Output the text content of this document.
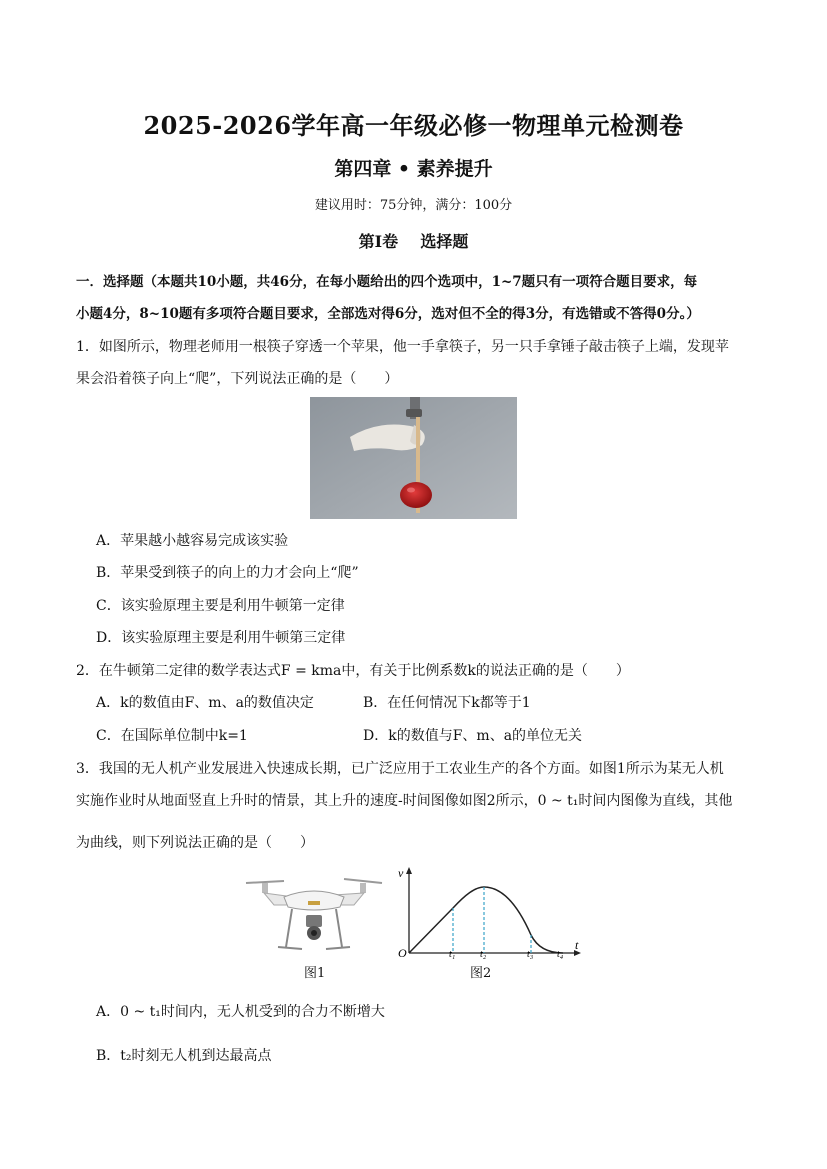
2025-2026学年高一年级必修一物理单元检测卷
第四章 • 素养提升
建议用时：75分钟，满分：100分
第I卷    选择题
一．选择题（本题共10小题，共46分，在每小题给出的四个选项中，1~7题只有一项符合题目要求，每
小题4分，8~10题有多项符合题目要求，全部选对得6分，选对但不全的得3分，有选错或不答得0分。）
1．如图所示，物理老师用一根筷子穿透一个苹果，他一手拿筷子，另一只手拿锤子敲击筷子上端，发现苹
果会沿着筷子向上“爬”，下列说法正确的是（　　）
A．苹果越小越容易完成该实验
B．苹果受到筷子的向上的力才会向上“爬”
C．该实验原理主要是利用牛顿第一定律
D．该实验原理主要是利用牛顿第三定律
2．在牛顿第二定律的数学表达式F = kma中，有关于比例系数k的说法正确的是（　　）
A．k的数值由F、m、a的数值决定	B．在任何情况下k都等于1
C．在国际单位制中k=1	D．k的数值与F、m、a的单位无关
3．我国的无人机产业发展进入快速成长期，已广泛应用于工农业生产的各个方面。如图1所示为某无人机
实施作业时从地面竖直上升时的情景，其上升的速度-时间图像如图2所示，0 ~ t₁时间内图像为直线，其他
为曲线，则下列说法正确的是（　　）
图1
v
t
O	t₁ t₂	t₃ t₄
图2
A．0 ~ t₁时间内，无人机受到的合力不断增大
B．t₂时刻无人机到达最高点
